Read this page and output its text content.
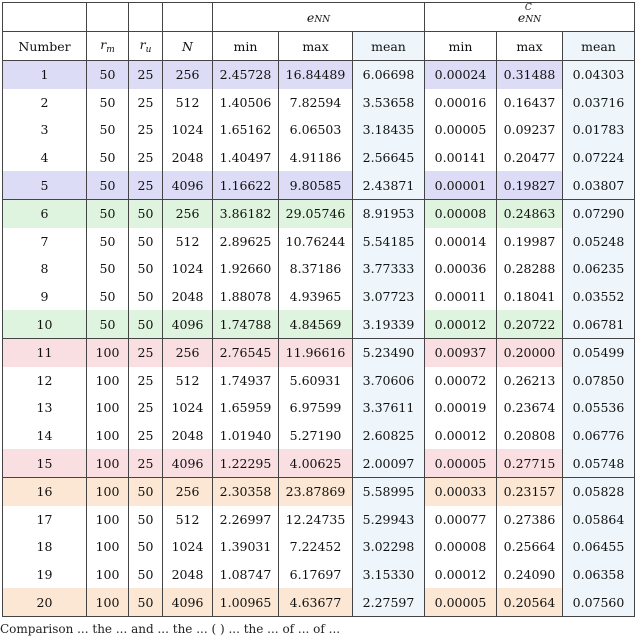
				eNN			eNN
C		

Number	$r_m$	$r_u$	N	min	max	mean	min	max	mean
1	50	25	256	2.45728	16.84489	6.06698	0.00024	0.31488	0.04303
2	50	25	512	1.40506	7.82594	3.53658	0.00016	0.16437	0.03716
3	50	25	1024	1.65162	6.06503	3.18435	0.00005	0.09237	0.01783
4	50	25	2048	1.40497	4.91186	2.56645	0.00141	0.20477	0.07224
5	50	25	4096	1.16622	9.80585	2.43871	0.00001	0.19827	0.03807
6	50	50	256	3.86182	29.05746	8.91953	0.00008	0.24863	0.07290
7	50	50	512	2.89625	10.76244	5.54185	0.00014	0.19987	0.05248
8	50	50	1024	1.92660	8.37186	3.77333	0.00036	0.28288	0.06235
9	50	50	2048	1.88078	4.93965	3.07723	0.00011	0.18041	0.03552
10	50	50	4096	1.74788	4.84569	3.19339	0.00012	0.20722	0.06781
11	100	25	256	2.76545	11.96616	5.23490	0.00937	0.20000	0.05499
12	100	25	512	1.74937	5.60931	3.70606	0.00072	0.26213	0.07850
13	100	25	1024	1.65959	6.97599	3.37611	0.00019	0.23674	0.05536
14	100	25	2048	1.01940	5.27190	2.60825	0.00012	0.20808	0.06776
15	100	25	4096	1.22295	4.00625	2.00097	0.00005	0.27715	0.05748
16	100	50	256	2.30358	23.87869	5.58995	0.00033	0.23157	0.05828
17	100	50	512	2.26997	12.24735	5.29943	0.00077	0.27386	0.05864
18	100	50	1024	1.39031	7.22452	3.02298	0.00008	0.25664	0.06455
19	100	50	2048	1.08747	6.17697	3.15330	0.00012	0.24090	0.06358
20	100	50	4096	1.00965	4.63677	2.27597	0.00005	0.20564	0.07560
Comparison ... the ... and ... the ... ( ) ... the ... of ... of ...
